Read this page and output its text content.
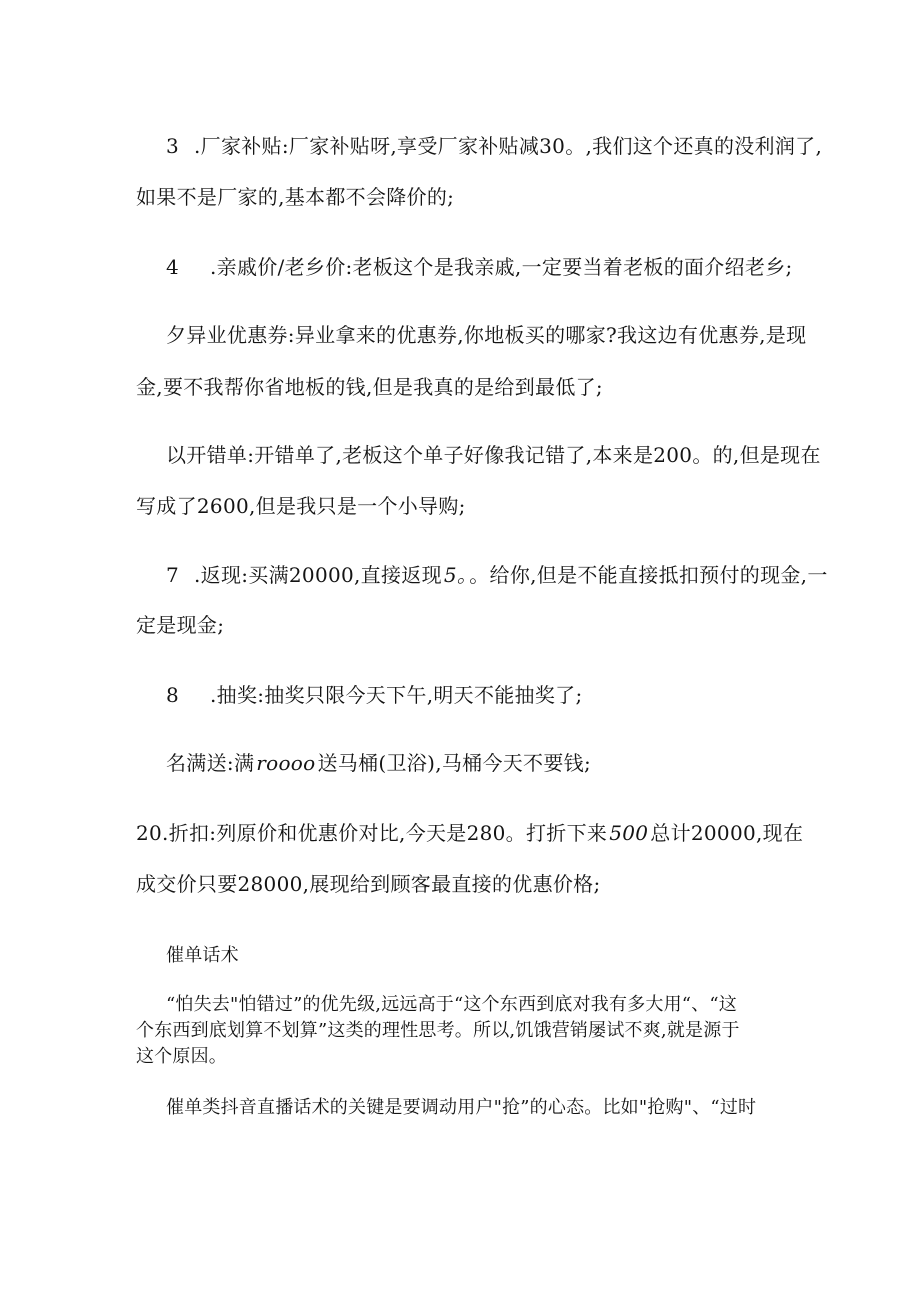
3 .厂家补贴:厂家补贴呀,享受厂家补贴减30。,我们这个还真的没利润了,
如果不是厂家的,基本都不会降价的;
4 .亲戚价/老乡价:老板这个是我亲戚,一定要当着老板的面介绍老乡;
夕异业优惠券:异业拿来的优惠券,你地板买的哪家?我这边有优惠券,是现
金,要不我帮你省地板的钱,但是我真的是给到最低了;
以开错单:开错单了,老板这个单子好像我记错了,本来是200。的,但是现在
写成了2600,但是我只是一个小导购;
7 .返现:买满20000,直接返现 5。 。给你,但是不能直接抵扣预付的现金,一
定是现金;
8 .抽奖:抽奖只限今天下午,明天不能抽奖了;
名满送:满 roooo 送马桶(卫浴),马桶今天不要钱;
20.折扣:列原价和优惠价对比,今天是280。打折下来 500 总计20000,现在
成交价只要28000,展现给到顾客最直接的优惠价格;
催单话术
“怕失去"怕错过”的优先级,远远高于“这个东西到底对我有多大用“、“这
个东西到底划算不划算”这类的理性思考。所以,饥饿营销屡试不爽,就是源于
这个原因。
催单类抖音直播话术的关键是要调动用户"抢”的心态。比如"抢购"、“过时
